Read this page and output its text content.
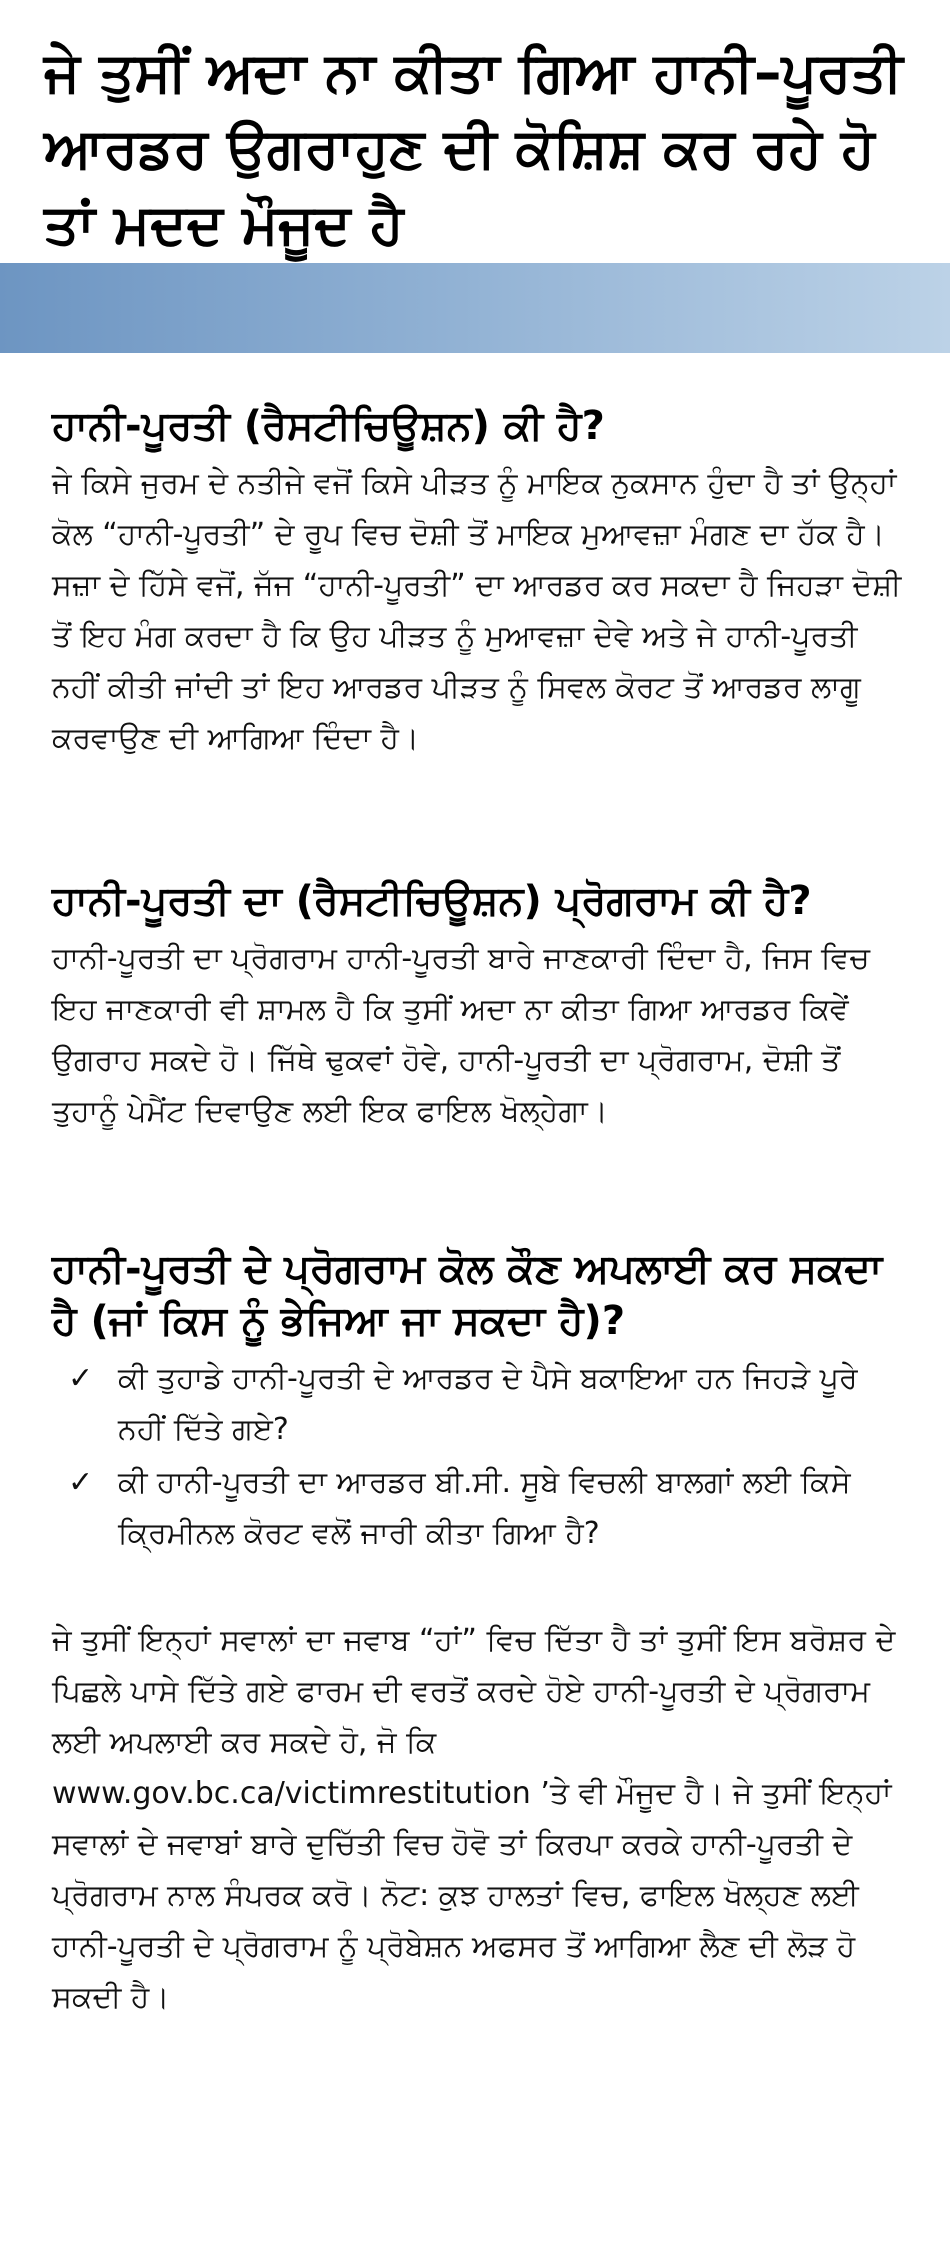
ਜੇ ਤੁਸੀਂ ਅਦਾ ਨਾ ਕੀਤਾ ਗਿਆ ਹਾਨੀ–ਪੂਰਤੀ ਆਰਡਰ ਉਗਰਾਹੁਣ ਦੀ ਕੋਸ਼ਿਸ਼ ਕਰ ਰਹੇ ਹੋ ਤਾਂ ਮਦਦ ਮੌਜੂਦ ਹੈ
ਹਾਨੀ-ਪੂਰਤੀ (ਰੈਸਟੀਚਿਊਸ਼ਨ) ਕੀ ਹੈ?

ਜੇ ਕਿਸੇ ਜੁਰਮ ਦੇ ਨਤੀਜੇ ਵਜੋਂ ਕਿਸੇ ਪੀੜਤ ਨੂੰ ਮਾਇਕ ਨੁਕਸਾਨ ਹੁੰਦਾ ਹੈ ਤਾਂ ਉਨ੍ਹਾਂ ਕੋਲ “ਹਾਨੀ-ਪੂਰਤੀ” ਦੇ ਰੂਪ ਵਿਚ ਦੋਸ਼ੀ ਤੋਂ ਮਾਇਕ ਮੁਆਵਜ਼ਾ ਮੰਗਣ ਦਾ ਹੱਕ ਹੈ। ਸਜ਼ਾ ਦੇ ਹਿੱਸੇ ਵਜੋਂ, ਜੱਜ “ਹਾਨੀ-ਪੂਰਤੀ” ਦਾ ਆਰਡਰ ਕਰ ਸਕਦਾ ਹੈ ਜਿਹੜਾ ਦੋਸ਼ੀ ਤੋਂ ਇਹ ਮੰਗ ਕਰਦਾ ਹੈ ਕਿ ਉਹ ਪੀੜਤ ਨੂੰ ਮੁਆਵਜ਼ਾ ਦੇਵੇ ਅਤੇ ਜੇ ਹਾਨੀ-ਪੂਰਤੀ ਨਹੀਂ ਕੀਤੀ ਜਾਂਦੀ ਤਾਂ ਇਹ ਆਰਡਰ ਪੀੜਤ ਨੂੰ ਸਿਵਲ ਕੋਰਟ ਤੋਂ ਆਰਡਰ ਲਾਗੂ ਕਰਵਾਉਣ ਦੀ ਆਗਿਆ ਦਿੰਦਾ ਹੈ।

ਹਾਨੀ-ਪੂਰਤੀ ਦਾ (ਰੈਸਟੀਚਿਊਸ਼ਨ) ਪ੍ਰੋਗਰਾਮ ਕੀ ਹੈ?

ਹਾਨੀ-ਪੂਰਤੀ ਦਾ ਪ੍ਰੋਗਰਾਮ ਹਾਨੀ-ਪੂਰਤੀ ਬਾਰੇ ਜਾਣਕਾਰੀ ਦਿੰਦਾ ਹੈ, ਜਿਸ ਵਿਚ ਇਹ ਜਾਣਕਾਰੀ ਵੀ ਸ਼ਾਮਲ ਹੈ ਕਿ ਤੁਸੀਂ ਅਦਾ ਨਾ ਕੀਤਾ ਗਿਆ ਆਰਡਰ ਕਿਵੇਂ ਉਗਰਾਹ ਸਕਦੇ ਹੋ। ਜਿੱਥੇ ਢੁਕਵਾਂ ਹੋਵੇ, ਹਾਨੀ-ਪੂਰਤੀ ਦਾ ਪ੍ਰੋਗਰਾਮ, ਦੋਸ਼ੀ ਤੋਂ ਤੁਹਾਨੂੰ ਪੇਮੈਂਟ ਦਿਵਾਉਣ ਲਈ ਇਕ ਫਾਇਲ ਖੋਲ੍ਹੇਗਾ।

ਹਾਨੀ-ਪੂਰਤੀ ਦੇ ਪ੍ਰੋਗਰਾਮ ਕੋਲ ਕੌਣ ਅਪਲਾਈ ਕਰ ਸਕਦਾ ਹੈ (ਜਾਂ ਕਿਸ ਨੂੰ ਭੇਜਿਆ ਜਾ ਸਕਦਾ ਹੈ)?
✓ ਕੀ ਤੁਹਾਡੇ ਹਾਨੀ-ਪੂਰਤੀ ਦੇ ਆਰਡਰ ਦੇ ਪੈਸੇ ਬਕਾਇਆ ਹਨ ਜਿਹੜੇ ਪੂਰੇ ਨਹੀਂ ਦਿੱਤੇ ਗਏ?
✓ ਕੀ ਹਾਨੀ-ਪੂਰਤੀ ਦਾ ਆਰਡਰ ਬੀ.ਸੀ. ਸੂਬੇ ਵਿਚਲੀ ਬਾਲਗਾਂ ਲਈ ਕਿਸੇ ਕ੍ਰਿਮੀਨਲ ਕੋਰਟ ਵਲੋਂ ਜਾਰੀ ਕੀਤਾ ਗਿਆ ਹੈ?

ਜੇ ਤੁਸੀਂ ਇਨ੍ਹਾਂ ਸਵਾਲਾਂ ਦਾ ਜਵਾਬ “ਹਾਂ” ਵਿਚ ਦਿੱਤਾ ਹੈ ਤਾਂ ਤੁਸੀਂ ਇਸ ਬਰੋਸ਼ਰ ਦੇ ਪਿਛਲੇ ਪਾਸੇ ਦਿੱਤੇ ਗਏ ਫਾਰਮ ਦੀ ਵਰਤੋਂ ਕਰਦੇ ਹੋਏ ਹਾਨੀ-ਪੂਰਤੀ ਦੇ ਪ੍ਰੋਗਰਾਮ ਲਈ ਅਪਲਾਈ ਕਰ ਸਕਦੇ ਹੋ, ਜੋ ਕਿ www.gov.bc.ca/victimrestitution ’ਤੇ ਵੀ ਮੌਜੂਦ ਹੈ। ਜੇ ਤੁਸੀਂ ਇਨ੍ਹਾਂ ਸਵਾਲਾਂ ਦੇ ਜਵਾਬਾਂ ਬਾਰੇ ਦੁਚਿੱਤੀ ਵਿਚ ਹੋਵੋ ਤਾਂ ਕਿਰਪਾ ਕਰਕੇ ਹਾਨੀ-ਪੂਰਤੀ ਦੇ ਪ੍ਰੋਗਰਾਮ ਨਾਲ ਸੰਪਰਕ ਕਰੋ। ਨੋਟ: ਕੁਝ ਹਾਲਤਾਂ ਵਿਚ, ਫਾਇਲ ਖੋਲ੍ਹਣ ਲਈ ਹਾਨੀ-ਪੂਰਤੀ ਦੇ ਪ੍ਰੋਗਰਾਮ ਨੂੰ ਪ੍ਰੋਬੇਸ਼ਨ ਅਫਸਰ ਤੋਂ ਆਗਿਆ ਲੈਣ ਦੀ ਲੋੜ ਹੋ ਸਕਦੀ ਹੈ।
